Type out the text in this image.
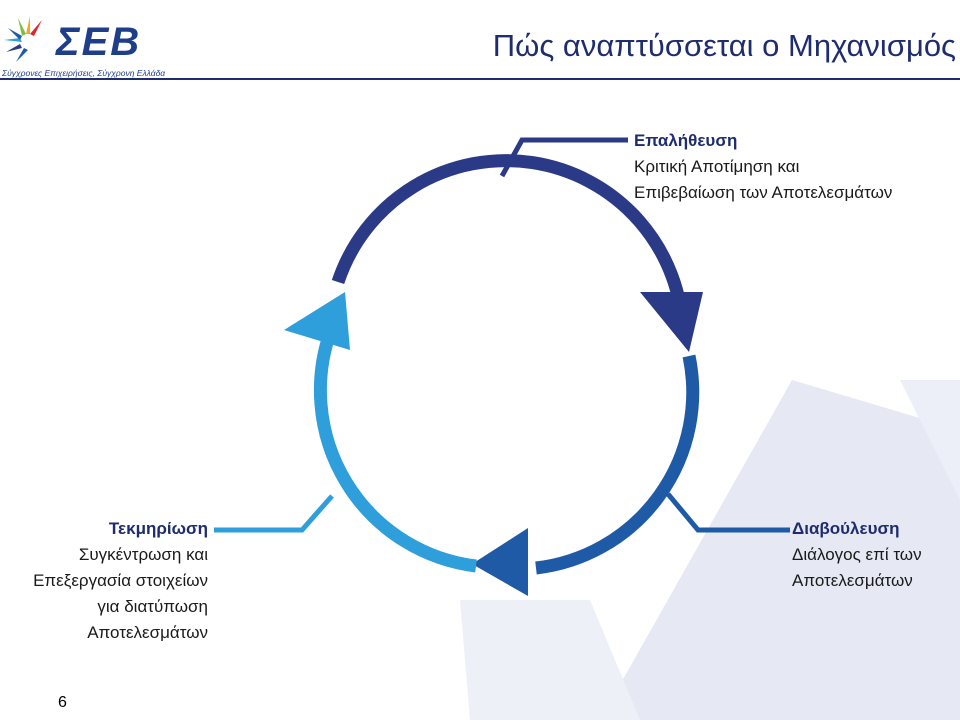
ΣΕΒ
Σύγχρονες Επιχειρήσεις, Σύγχρονη Ελλάδα
Πώς αναπτύσσεται ο Μηχανισμός
Επαλήθευση
Κριτική Αποτίμηση και
Επιβεβαίωση των Αποτελεσμάτων
Διαβούλευση
Διάλογος επί των
Αποτελεσμάτων
Τεκμηρίωση
Συγκέντρωση και
Επεξεργασία στοιχείων
για διατύπωση
Αποτελεσμάτων
6
